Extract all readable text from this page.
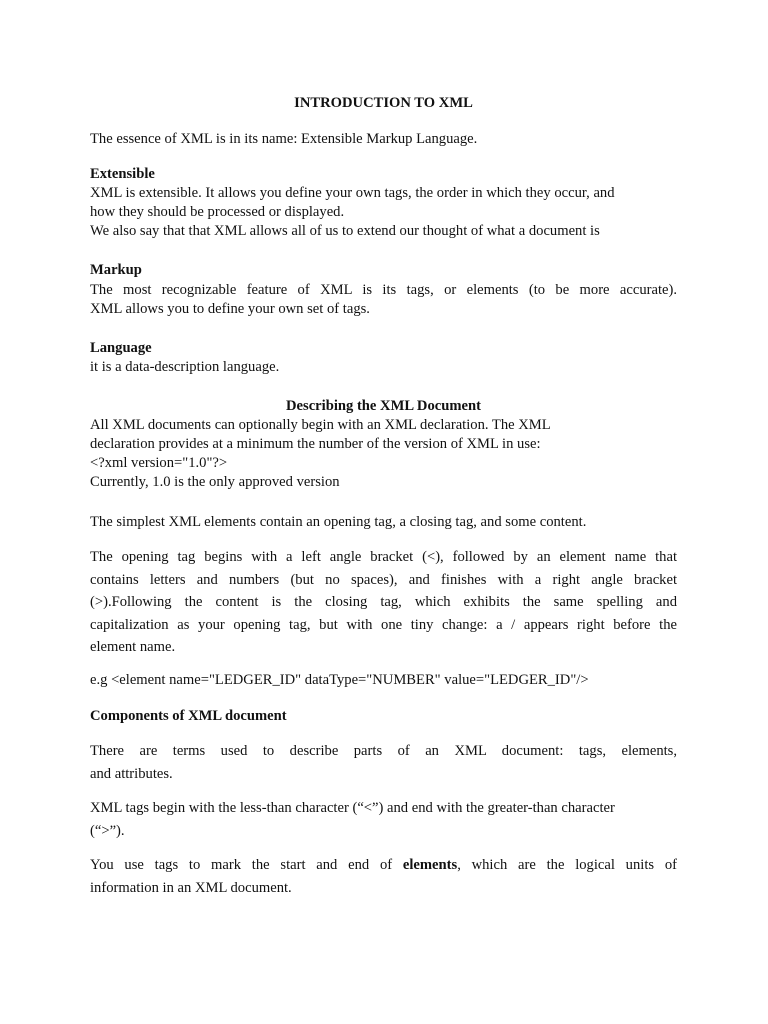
INTRODUCTION TO XML
The essence of XML is in its name: Extensible Markup Language.
Extensible
XML is extensible. It allows you define your own tags, the order in which they occur, and
how they should be processed or displayed.
We also say that that XML allows all of us to extend our thought of what a document is
Markup
The most recognizable feature of XML is its tags, or elements (to be more accurate).
XML allows you to define your own set of tags.
Language
it is a data-description language.
Describing the XML Document
All XML documents can optionally begin with an XML declaration. The XML
declaration provides at a minimum the number of the version of XML in use:
<?xml version="1.0"?>
Currently, 1.0 is the only approved version
The simplest XML elements contain an opening tag, a closing tag, and some content.
The opening tag begins with a left angle bracket (<), followed by an element name that
contains letters and numbers (but no spaces), and finishes with a right angle bracket
(>).Following the content is the closing tag, which exhibits the same spelling and
capitalization as your opening tag, but with one tiny change: a / appears right before the
element name.
e.g <element name="LEDGER_ID" dataType="NUMBER" value="LEDGER_ID"/>
Components of XML document
There are terms used to describe parts of an XML document: tags, elements,
and attributes.
XML tags begin with the less-than character (“<”) and end with the greater-than character
(“>”).
You use tags to mark the start and end of elements, which are the logical units of
information in an XML document.
